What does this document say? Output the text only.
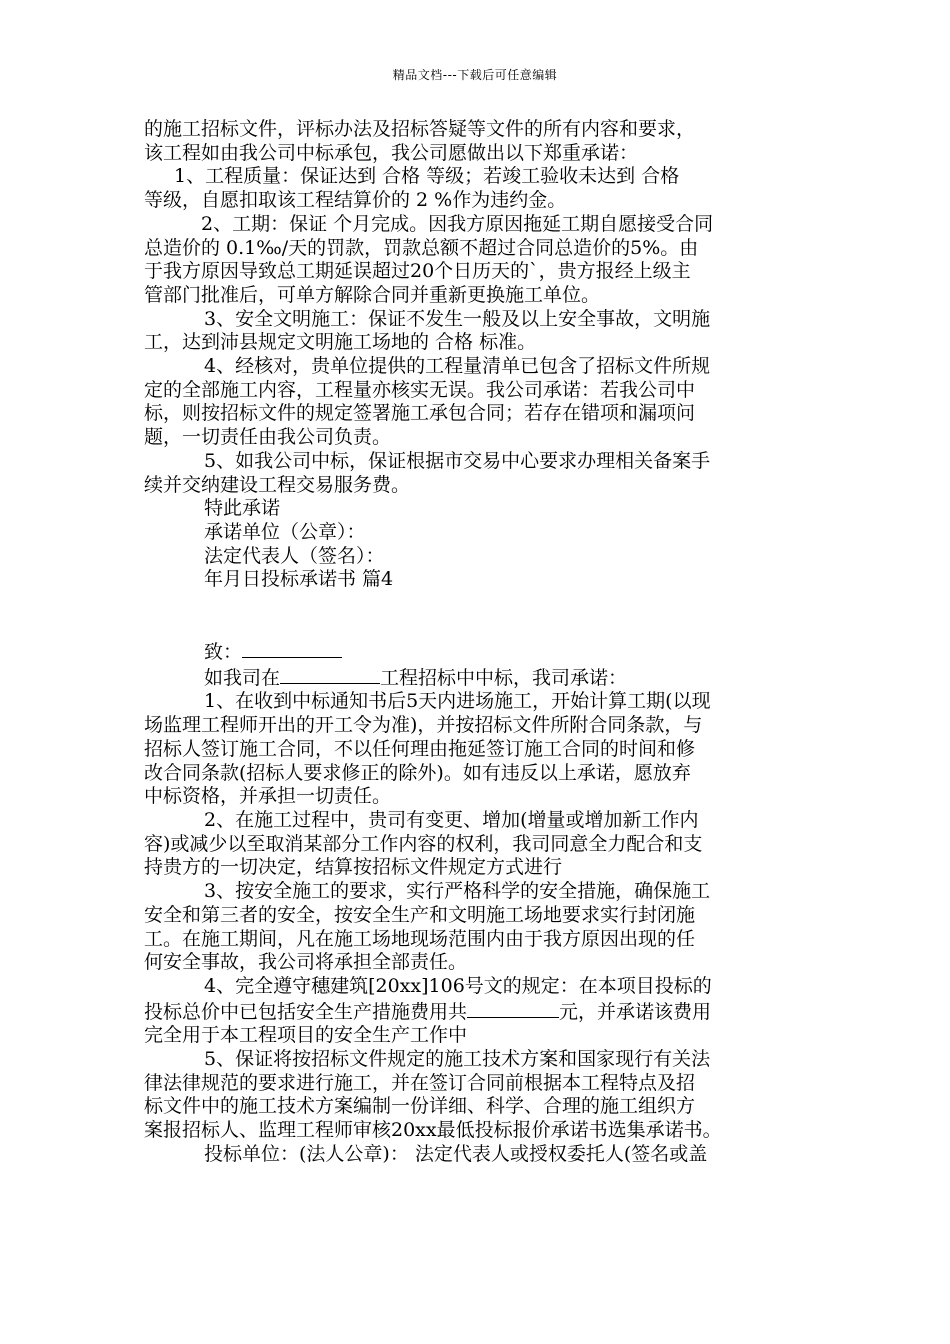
精品文档---下载后可任意编辑

的施工招标文件，评标办法及招标答疑等文件的所有内容和要求，

该工程如由我公司中标承包，我公司愿做出以下郑重承诺：

1、工程质量：保证达到 合格 等级；若竣工验收未达到 合格

等级，自愿扣取该工程结算价的 2 %作为违约金。

2、工期：保证 个月完成。因我方原因拖延工期自愿接受合同

总造价的 0.1‰/天的罚款，罚款总额不超过合同总造价的5%。由

于我方原因导致总工期延误超过20个日历天的`，贵方报经上级主

管部门批准后，可单方解除合同并重新更换施工单位。

3、安全文明施工：保证不发生一般及以上安全事故，文明施

工，达到沛县规定文明施工场地的 合格 标准。

4、经核对，贵单位提供的工程量清单已包含了招标文件所规

定的全部施工内容，工程量亦核实无误。我公司承诺：若我公司中

标，则按招标文件的规定签署施工承包合同；若存在错项和漏项问

题，一切责任由我公司负责。

5、如我公司中标，保证根据市交易中心要求办理相关备案手

续并交纳建设工程交易服务费。

特此承诺

承诺单位（公章）：

法定代表人（签名）：

年月日投标承诺书 篇4

致：

如我司在	工程招标中中标，我司承诺：

1、在收到中标通知书后5天内进场施工，开始计算工期(以现

场监理工程师开出的开工令为准)，并按招标文件所附合同条款，与

招标人签订施工合同，不以任何理由拖延签订施工合同的时间和修

改合同条款(招标人要求修正的除外)。如有违反以上承诺，愿放弃

中标资格，并承担一切责任。

2、在施工过程中，贵司有变更、增加(增量或增加新工作内

容)或减少以至取消某部分工作内容的权利，我司同意全力配合和支

持贵方的一切决定，结算按招标文件规定方式进行

3、按安全施工的要求，实行严格科学的安全措施，确保施工

安全和第三者的安全，按安全生产和文明施工场地要求实行封闭施

工。在施工期间，凡在施工场地现场范围内由于我方原因出现的任

何安全事故，我公司将承担全部责任。

4、完全遵守穗建筑[20xx]106号文的规定：在本项目投标的

投标总价中已包括安全生产措施费用共	元，并承诺该费用

完全用于本工程项目的安全生产工作中

5、保证将按招标文件规定的施工技术方案和国家现行有关法

律法律规范的要求进行施工，并在签订合同前根据本工程特点及招

标文件中的施工技术方案编制一份详细、科学、合理的施工组织方

案报招标人、监理工程师审核20xx最低投标报价承诺书选集承诺书。

投标单位：(法人公章)： 法定代表人或授权委托人(签名或盖
